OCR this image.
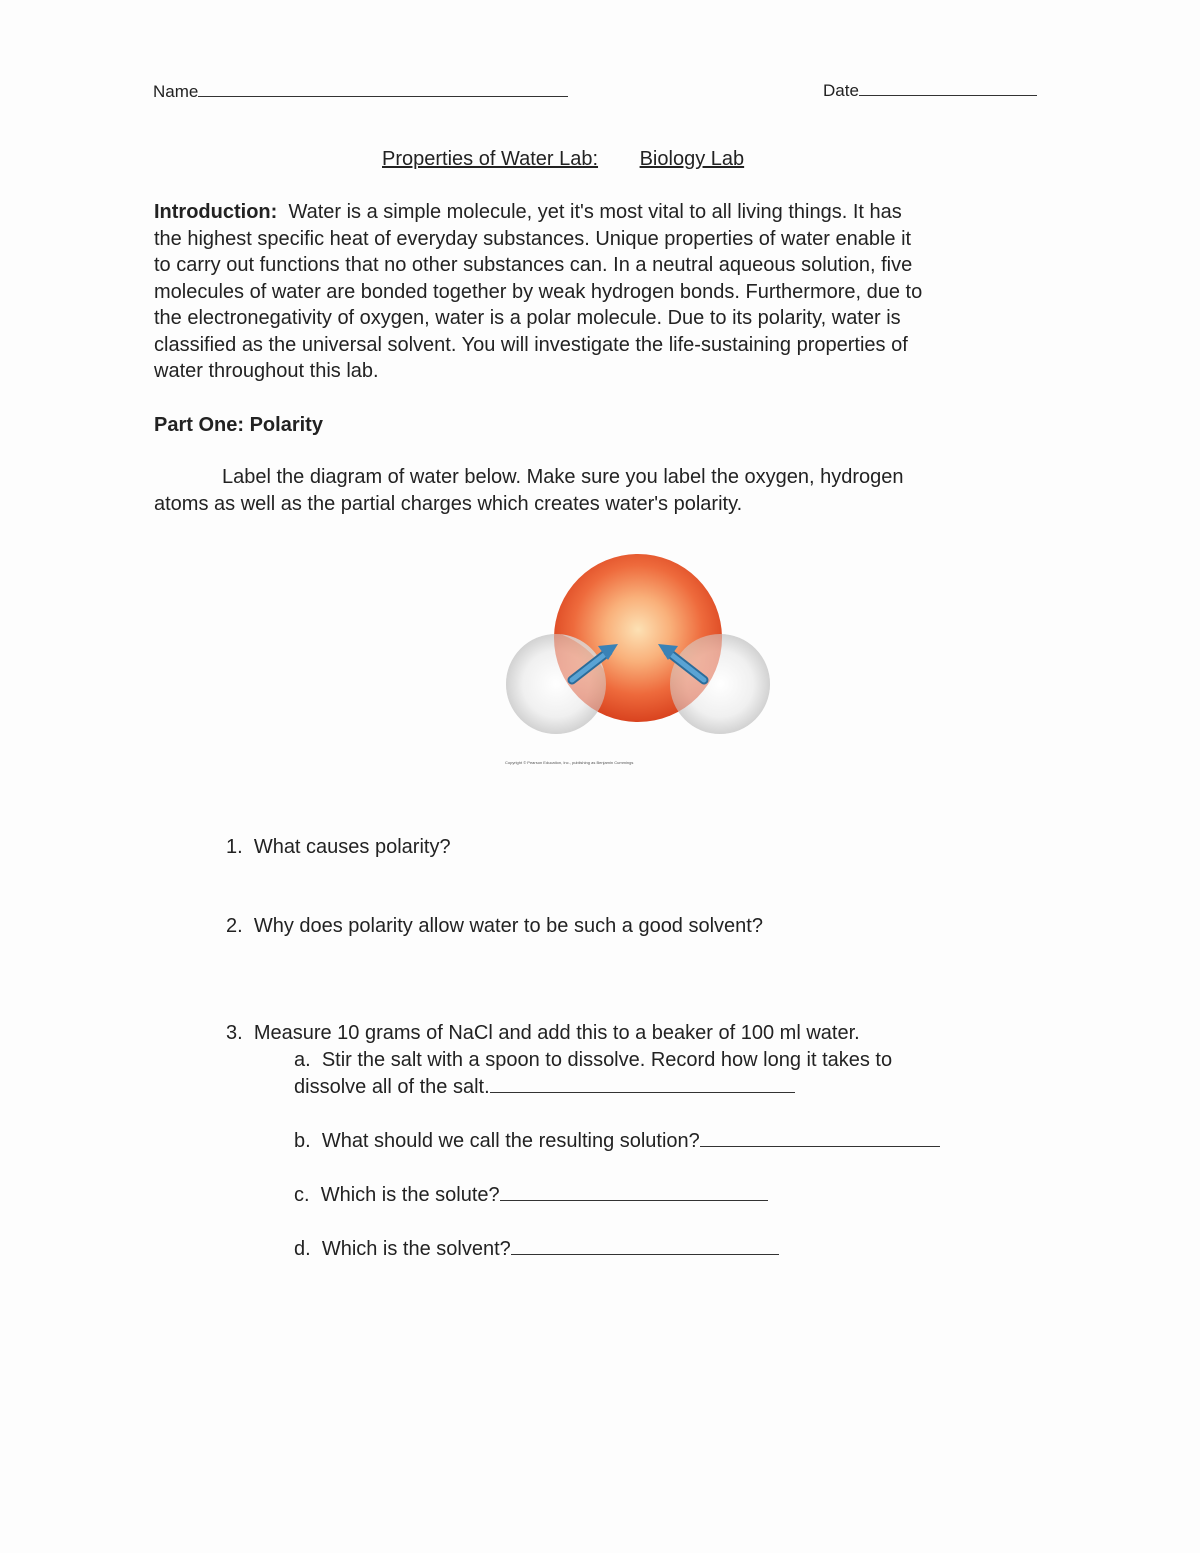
Name	Date
Properties of Water Lab: Biology Lab
Introduction: Water is a simple molecule, yet it's most vital to all living things. It has
the highest specific heat of everyday substances. Unique properties of water enable it
to carry out functions that no other substances can. In a neutral aqueous solution, five
molecules of water are bonded together by weak hydrogen bonds. Furthermore, due to
the electronegativity of oxygen, water is a polar molecule. Due to its polarity, water is
classified as the universal solvent. You will investigate the life-sustaining properties of
water throughout this lab.
Part One: Polarity
Label the diagram of water below. Make sure you label the oxygen, hydrogen
atoms as well as the partial charges which creates water's polarity.
Copyright © Pearson Education, Inc., publishing as Benjamin Cummings
1. What causes polarity?
2. Why does polarity allow water to be such a good solvent?
3. Measure 10 grams of NaCl and add this to a beaker of 100 ml water.
a. Stir the salt with a spoon to dissolve. Record how long it takes to
dissolve all of the salt.
b. What should we call the resulting solution?
c. Which is the solute?
d. Which is the solvent?
